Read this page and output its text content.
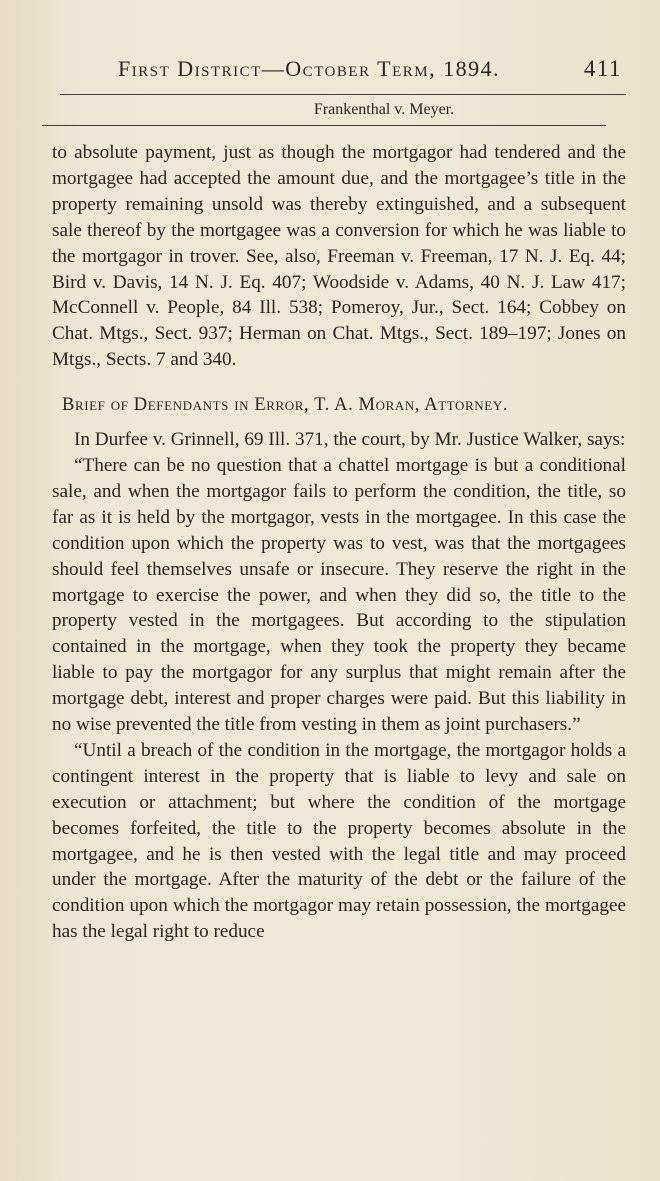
First District—October Term, 1894.	411
Frankenthal v. Meyer.

to absolute payment, just as though the mortgagor had tendered and the mortgagee had accepted the amount due, and the mortgagee’s title in the property remaining unsold was thereby extinguished, and a subsequent sale thereof by the mortgagee was a conversion for which he was liable to the mortgagor in trover. See, also, Freeman v. Freeman, 17 N. J. Eq. 44; Bird v. Davis, 14 N. J. Eq. 407; Woodside v. Adams, 40 N. J. Law 417; McConnell v. People, 84 Ill. 538; Pomeroy, Jur., Sect. 164; Cobbey on Chat. Mtgs., Sect. 937; Herman on Chat. Mtgs., Sect. 189–197; Jones on Mtgs., Sects. 7 and 340.

Brief of Defendants in Error, T. A. Moran, Attorney.

In Durfee v. Grinnell, 69 Ill. 371, the court, by Mr. Justice Walker, says:

“There can be no question that a chattel mortgage is but a conditional sale, and when the mortgagor fails to perform the condition, the title, so far as it is held by the mortgagor, vests in the mortgagee. In this case the condition upon which the property was to vest, was that the mortgagees should feel themselves unsafe or insecure. They reserve the right in the mortgage to exercise the power, and when they did so, the title to the property vested in the mortgagees. But according to the stipulation contained in the mortgage, when they took the property they became liable to pay the mortgagor for any surplus that might remain after the mortgage debt, interest and proper charges were paid. But this liability in no wise prevented the title from vesting in them as joint purchasers.”

“Until a breach of the condition in the mortgage, the mortgagor holds a contingent interest in the property that is liable to levy and sale on execution or attachment; but where the condition of the mortgage becomes forfeited, the title to the property becomes absolute in the mortgagee, and he is then vested with the legal title and may proceed under the mortgage. After the maturity of the debt or the failure of the condition upon which the mortgagor may retain possession, the mortgagee has the legal right to reduce
